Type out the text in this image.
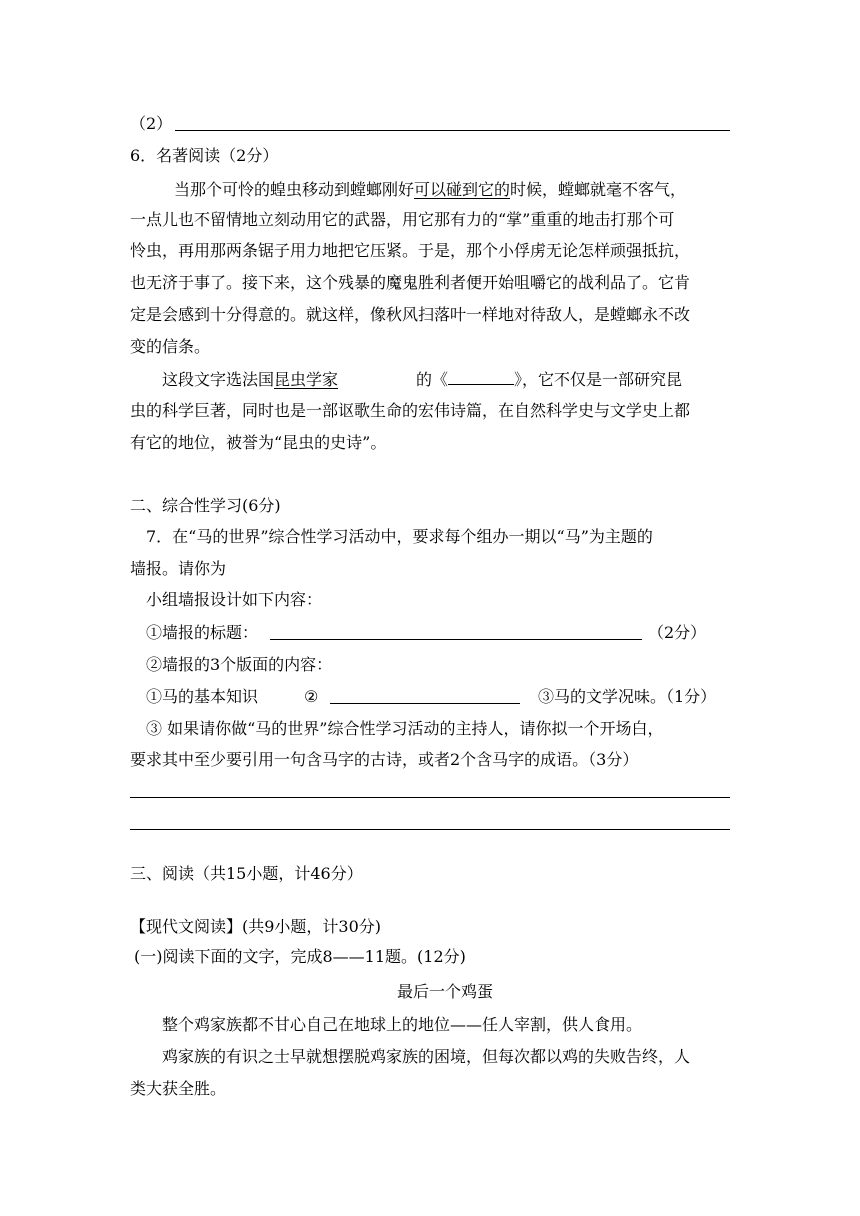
（2）
6．名著阅读（2分）
当那个可怜的蝗虫移动到螳螂刚好可以碰到它的时候，螳螂就毫不客气，
一点儿也不留情地立刻动用它的武器，用它那有力的“掌”重重的地击打那个可
怜虫，再用那两条锯子用力地把它压紧。于是，那个小俘虏无论怎样顽强抵抗，
也无济于事了。接下来，这个残暴的魔鬼胜利者便开始咀嚼它的战利品了。它肯
定是会感到十分得意的。就这样，像秋风扫落叶一样地对待敌人，是螳螂永不改
变的信条。
这段文字选法国昆虫学家	的《	》，它不仅是一部研究昆
虫的科学巨著，同时也是一部讴歌生命的宏伟诗篇，在自然科学史与文学史上都
有它的地位，被誉为“昆虫的史诗”。
二、综合性学习(6分)
7．在“马的世界”综合性学习活动中，要求每个组办一期以“马”为主题的
墙报。请你为
小组墙报设计如下内容：
①墙报的标题：	（2分）
②墙报的3个版面的内容：
①马的基本知识	②	③马的文学况味。（1分）
③ 如果请你做“马的世界”综合性学习活动的主持人，请你拟一个开场白，
要求其中至少要引用一句含马字的古诗，或者2个含马字的成语。（3分）
三、阅读（共15小题，计46分）
【现代文阅读】(共9小题，计30分)
(一)阅读下面的文字，完成8——11题。(12分)
最后一个鸡蛋
整个鸡家族都不甘心自己在地球上的地位——任人宰割，供人食用。
鸡家族的有识之士早就想摆脱鸡家族的困境，但每次都以鸡的失败告终，人
类大获全胜。
